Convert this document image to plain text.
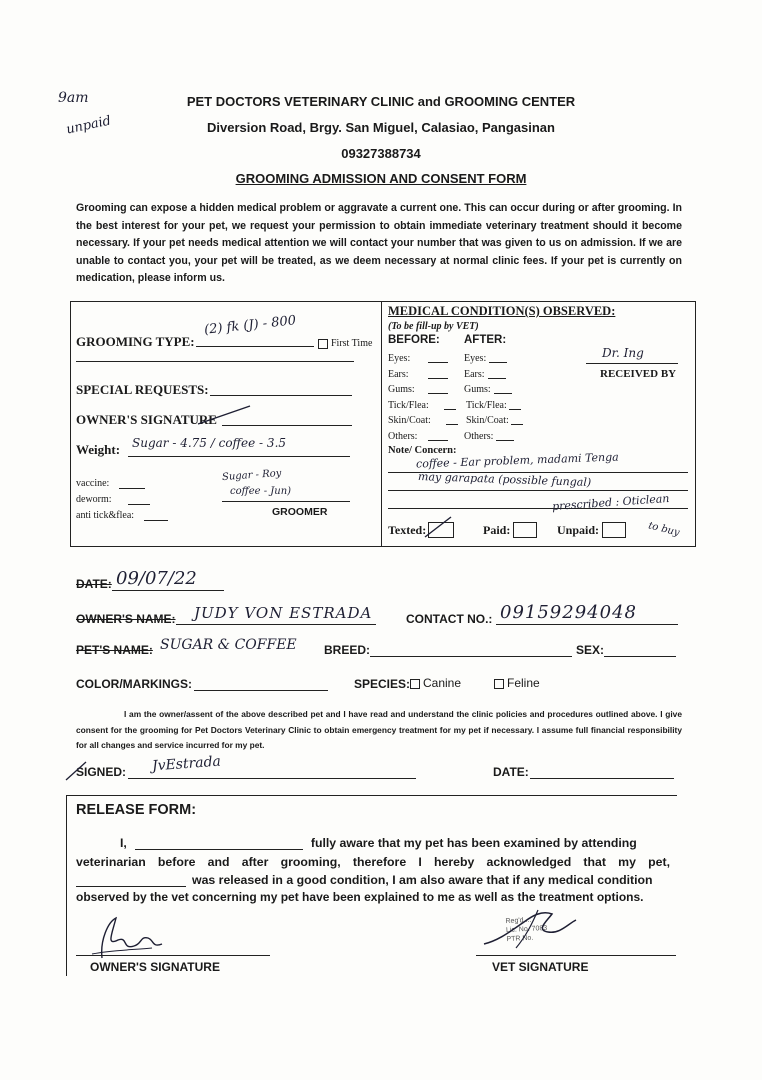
9am
unpaid
PET DOCTORS VETERINARY CLINIC and GROOMING CENTER
Diversion Road, Brgy. San Miguel, Calasiao, Pangasinan
09327388734
GROOMING ADMISSION AND CONSENT FORM
Grooming can expose a hidden medical problem or aggravate a current one. This can occur during or after grooming. In the best interest for your pet, we request your permission to obtain immediate veterinary treatment should it become necessary. If your pet needs medical attention we will contact your number that was given to us on admission. If we are unable to contact you, your pet will be treated, as we deem necessary at normal clinic fees. If your pet is currently on medication, please inform us.
GROOMING TYPE:
(2) fk (J) - 800
First Time
SPECIAL REQUESTS:
OWNER'S SIGNATURE
Weight: Sugar - 4.75 / coffee - 3.5
vaccine:
deworm:
anti tick&flea:
Sugar - Roy
coffee - Jun)
GROOMER
MEDICAL CONDITION(S) OBSERVED:
(To be fill-up by VET)
BEFORE: AFTER:
Eyes:	Eyes:
Ears:	Ears:
Gums:	Gums:
Tick/Flea:	Tick/Flea:
Skin/Coat:	Skin/Coat:
Others:	Others:
Dr. Ing
RECEIVED BY
Note/ Concern:
coffee - Ear problem, madami Tenga
may garapata (possible fungal)
prescribed : Oticlean
to buy
Texted:	Paid:	Unpaid:
DATE: 09/07/22
OWNER'S NAME: JUDY VON ESTRADA	CONTACT NO.: 09159294048
PET'S NAME: SUGAR & COFFEE BREED:	SEX:
COLOR/MARKINGS:	SPECIES:	Canine	Feline
I am the owner/assent of the above described pet and I have read and understand the clinic policies and procedures outlined above. I give consent for the grooming for Pet Doctors Veterinary Clinic to obtain emergency treatment for my pet if necessary. I assume full financial responsibility for all changes and service incurred for my pet.
SIGNED: JvEstrada	DATE:
RELEASE FORM:
I,	fully aware that my pet has been examined by attending
veterinarian before and after grooming, therefore I hereby acknowledged that my pet,
was released in a good condition, I am also aware that if any medical condition
observed by the vet concerning my pet have been explained to me as well as the treatment options.
OWNER'S SIGNATURE
Reg'd ...
Lic. No. 7083
PTR No.
VET SIGNATURE
